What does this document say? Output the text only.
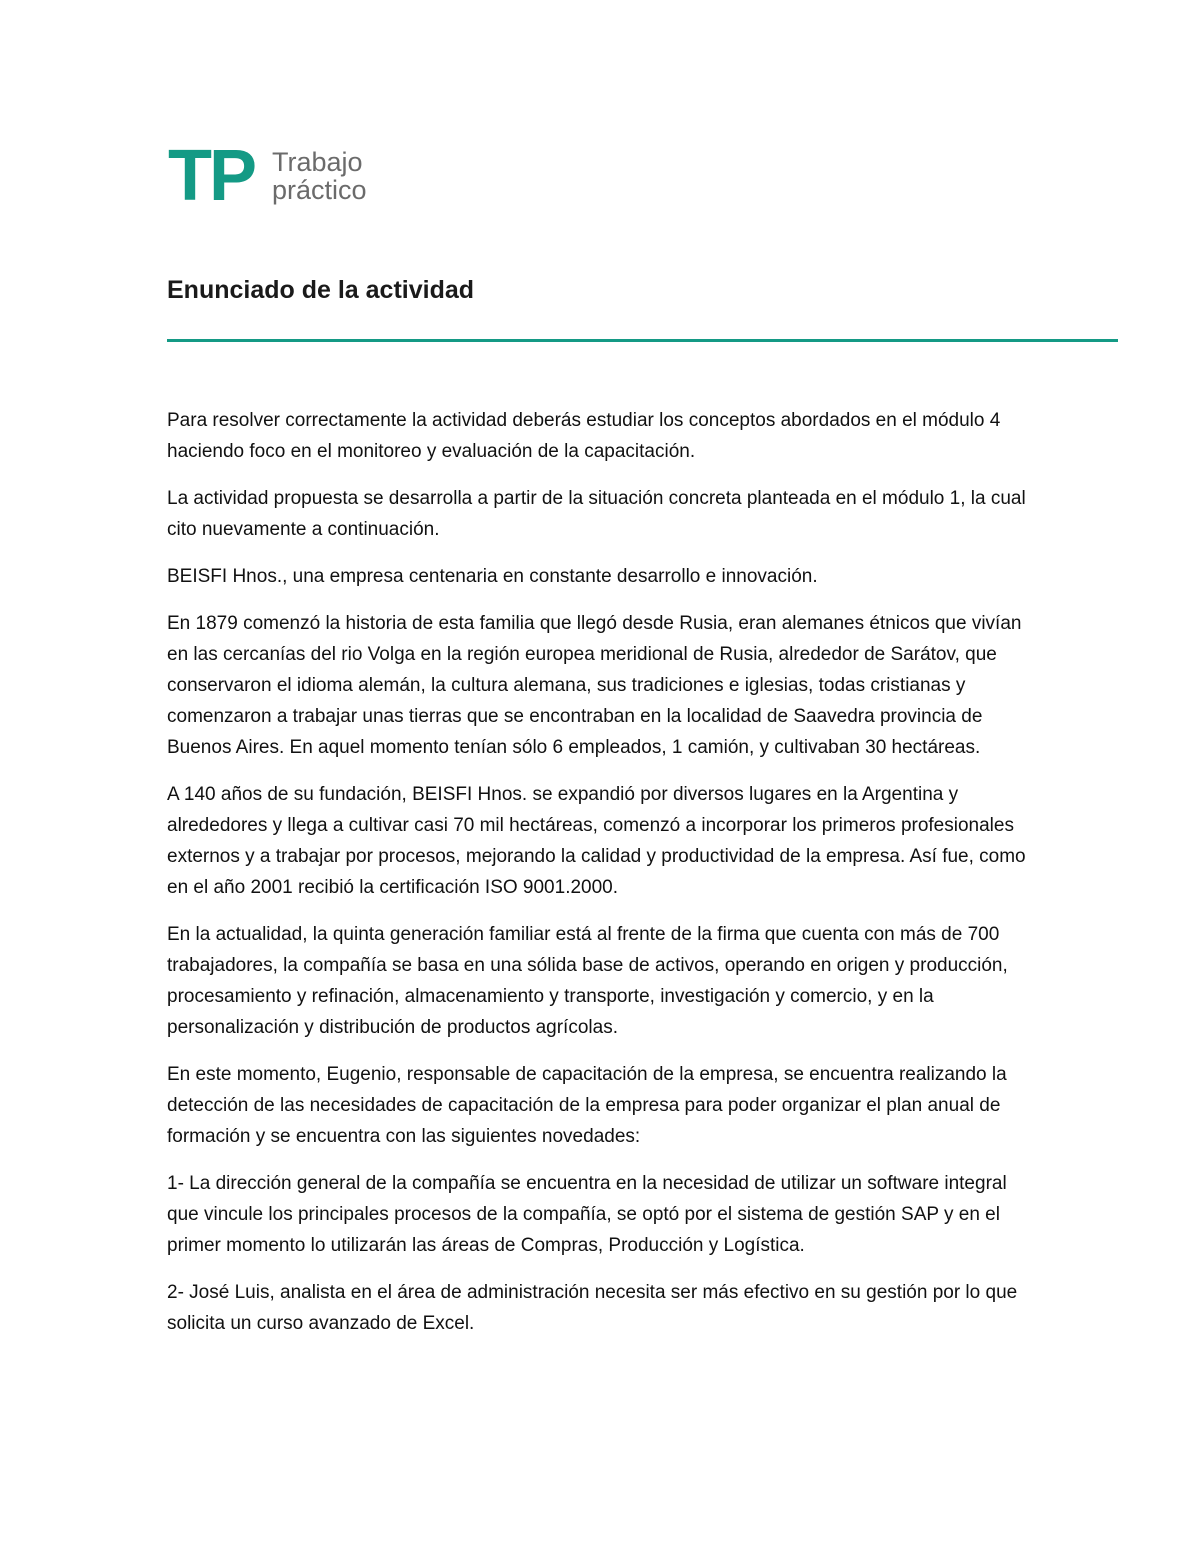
TP Trabajo
práctico
Enunciado de la actividad

Para resolver correctamente la actividad deberás estudiar los conceptos abordados en el módulo 4 haciendo foco en el monitoreo y evaluación de la capacitación.

La actividad propuesta se desarrolla a partir de la situación concreta planteada en el módulo 1, la cual cito nuevamente a continuación.

BEISFI Hnos., una empresa centenaria en constante desarrollo e innovación.

En 1879 comenzó la historia de esta familia que llegó desde Rusia, eran alemanes étnicos que vivían en las cercanías del rio Volga en la región europea meridional de Rusia, alrededor de Sarátov, que conservaron el idioma alemán, la cultura alemana, sus tradiciones e iglesias, todas cristianas y comenzaron a trabajar unas tierras que se encontraban en la localidad de Saavedra provincia de Buenos Aires. En aquel momento tenían sólo 6 empleados, 1 camión, y cultivaban 30 hectáreas.

A 140 años de su fundación, BEISFI Hnos. se expandió por diversos lugares en la Argentina y alrededores y llega a cultivar casi 70 mil hectáreas, comenzó a incorporar los primeros profesionales externos y a trabajar por procesos, mejorando la calidad y productividad de la empresa. Así fue, como en el año 2001 recibió la certificación ISO 9001.2000.

En la actualidad, la quinta generación familiar está al frente de la firma que cuenta con más de 700 trabajadores, la compañía se basa en una sólida base de activos, operando en origen y producción, procesamiento y refinación, almacenamiento y transporte, investigación y comercio, y en la personalización y distribución de productos agrícolas.

En este momento, Eugenio, responsable de capacitación de la empresa, se encuentra realizando la detección de las necesidades de capacitación de la empresa para poder organizar el plan anual de formación y se encuentra con las siguientes novedades:

1- La dirección general de la compañía se encuentra en la necesidad de utilizar un software integral que vincule los principales procesos de la compañía, se optó por el sistema de gestión SAP y en el primer momento lo utilizarán las áreas de Compras, Producción y Logística.

2- José Luis, analista en el área de administración necesita ser más efectivo en su gestión por lo que solicita un curso avanzado de Excel.
